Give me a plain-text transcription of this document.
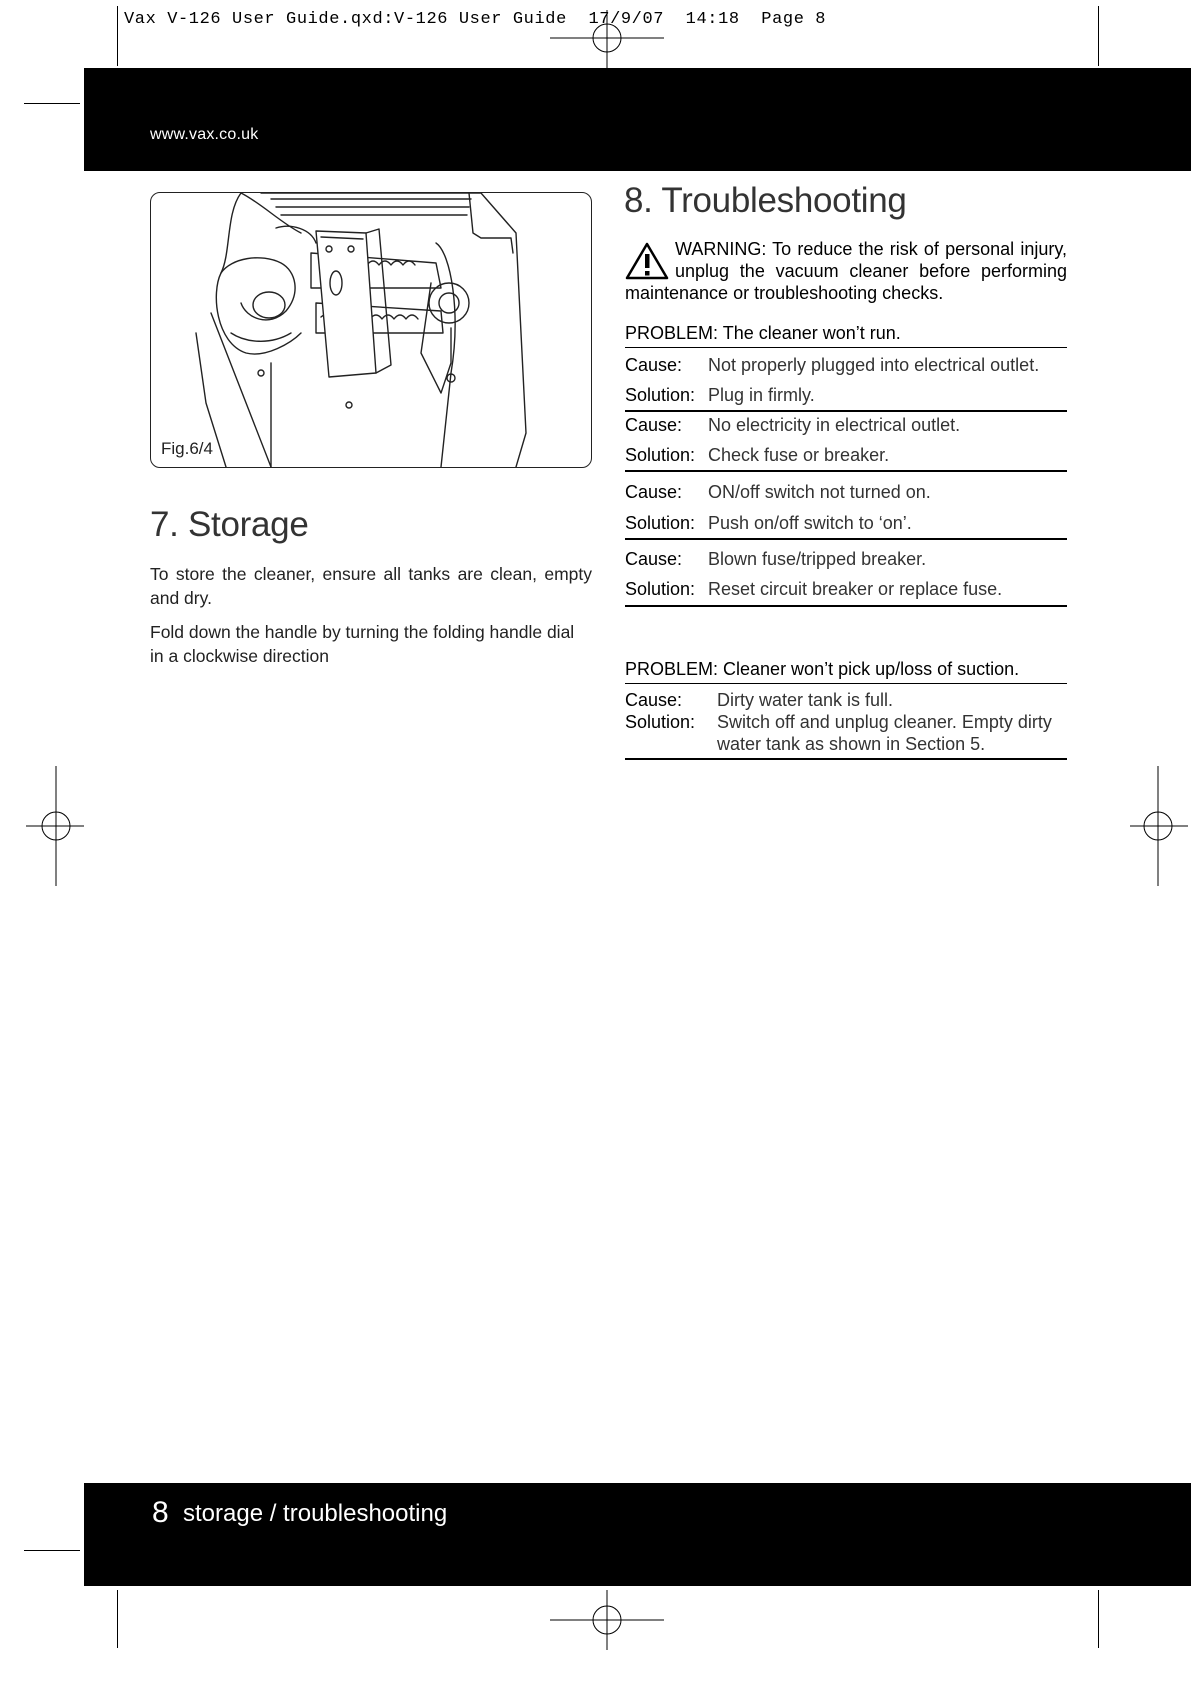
Vax V-126 User Guide.qxd:V-126 User Guide  17/9/07  14:18  Page 8
www.vax.co.uk
Fig.6/4
7. Storage

To store the cleaner, ensure all tanks are clean, empty and dry.

Fold down the handle by turning the folding handle dial in a clockwise direction

8. Troubleshooting
WARNING: To reduce the risk of personal injury, unplug the vacuum cleaner before performing maintenance or troubleshooting checks.
PROBLEM: The cleaner won’t run.
Cause: Not properly plugged into electrical outlet.
Solution: Plug in firmly.
Cause: No electricity in electrical outlet.
Solution: Check fuse or breaker.
Cause: ON/off switch not turned on.
Solution: Push on/off switch to ‘on’.
Cause: Blown fuse/tripped breaker.
Solution: Reset circuit breaker or replace fuse.
PROBLEM: Cleaner won’t pick up/loss of suction.
Cause: Dirty water tank is full.
Solution: Switch off and unplug cleaner. Empty dirty water tank as shown in Section 5.
8 storage / troubleshooting
